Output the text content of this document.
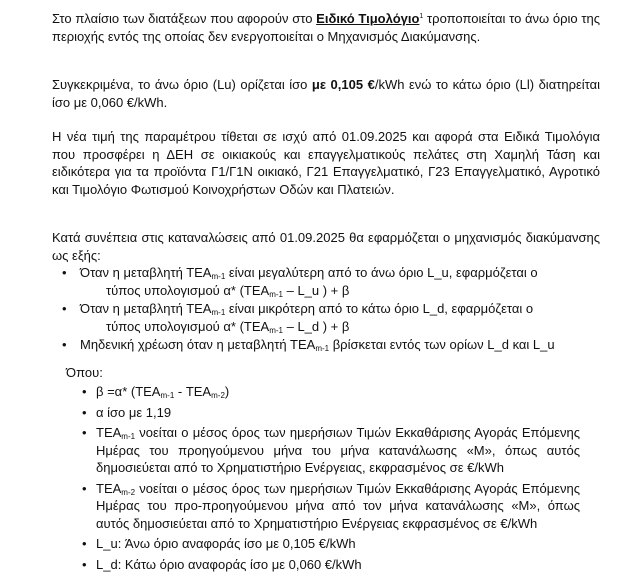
Στο πλαίσιο των διατάξεων που αφορούν στο Ειδικό Τιμολόγιο$^1$ τροποποιείται το άνω όριο της περιοχής εντός της οποίας δεν ενεργοποιείται ο Μηχανισμός Διακύμανσης.

Συγκεκριμένα, το άνω όριο (Lu) ορίζεται ίσο με 0,105 €/kWh ενώ το κάτω όριο (Ll) διατηρείται ίσο με 0,060 €/kWh.

Η νέα τιμή της παραμέτρου τίθεται σε ισχύ από 01.09.2025 και αφορά στα Ειδικά Τιμολόγια που προσφέρει η ΔΕΗ σε οικιακούς και επαγγελματικούς πελάτες στη Χαμηλή Τάση και ειδικότερα για τα προϊόντα Γ1/Γ1Ν οικιακό, Γ21 Επαγγελματικό, Γ23 Επαγγελματικό, Αγροτικό και Τιμολόγιο Φωτισμού Κοινοχρήστων Οδών και Πλατειών.

Κατά συνέπεια στις καταναλώσεις από 01.09.2025 θα εφαρμόζεται ο μηχανισμός διακύμανσης ως εξής:

• Όταν η μεταβλητή $TEA_{m-1}$ είναι μεγαλύτερη από το άνω όριο L_u, εφαρμόζεται ο
τύπος υπολογισμού α* ($TEA_{m-1}$ – L_u ) + β
• Όταν η μεταβλητή $TEA_{m-1}$ είναι μικρότερη από το κάτω όριο L_d, εφαρμόζεται ο
τύπος υπολογισμού α* ($TEA_{m-1}$ – L_d ) + β
• Μηδενική χρέωση όταν η μεταβλητή $TEA_{m-1}$ βρίσκεται εντός των ορίων L_d και L_u
Όπου:
• β =α* $(TEA_{m-1} - TEA_{m-2})$
• α ίσο με 1,19
• $TEA_{m-1}$ νοείται ο μέσος όρος των ημερήσιων Τιμών Εκκαθάρισης Αγοράς Επόμενης Ημέρας του προηγούμενου μήνα του μήνα κατανάλωσης «Μ», όπως αυτός δημοσιεύεται από το Χρηματιστήριο Ενέργειας, εκφρασμένος σε €/kWh
• $TEA_{m-2}$ νοείται ο μέσος όρος των ημερήσιων Τιμών Εκκαθάρισης Αγοράς Επόμενης Ημέρας του προ-προηγούμενου μήνα από τον μήνα κατανάλωσης «Μ», όπως αυτός δημοσιεύεται από το Χρηματιστήριο Ενέργειας εκφρασμένος σε €/kWh
• L_u: Άνω όριο αναφοράς ίσο με 0,105 €/kWh
• L_d: Κάτω όριο αναφοράς ίσο με 0,060 €/kWh
